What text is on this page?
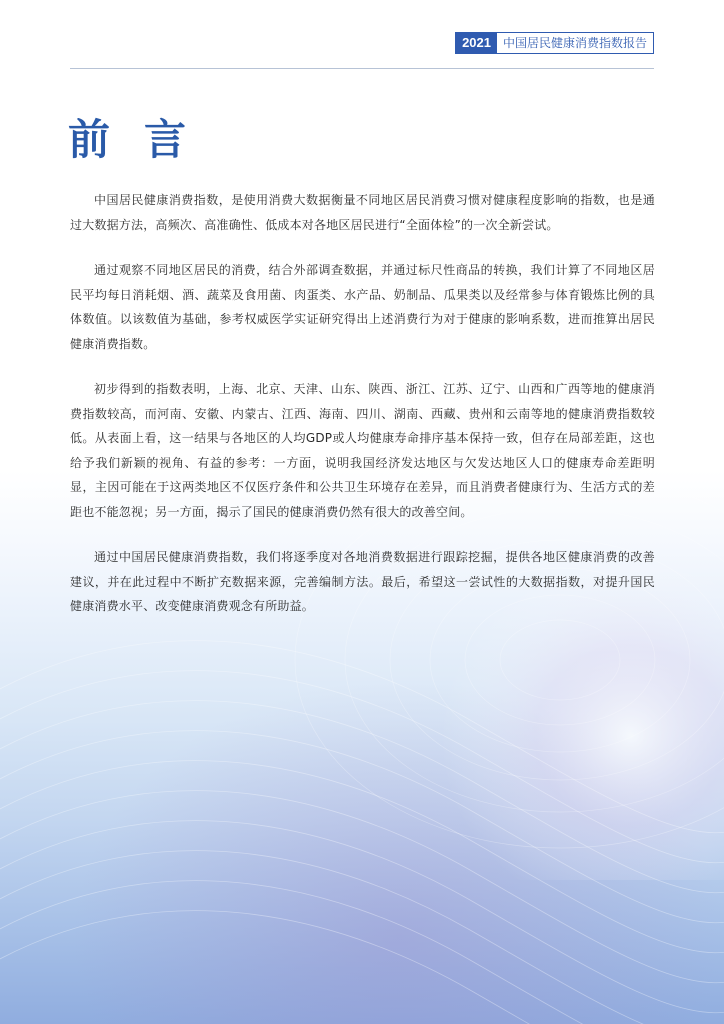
2021	中国居民健康消费指数报告
前言

中国居民健康消费指数，是使用消费大数据衡量不同地区居民消费习惯对健康程度影响的指数，也是通过大数据方法，高频次、高准确性、低成本对各地区居民进行“全面体检”的一次全新尝试。

通过观察不同地区居民的消费，结合外部调查数据，并通过标尺性商品的转换，我们计算了不同地区居民平均每日消耗烟、酒、蔬菜及食用菌、肉蛋类、水产品、奶制品、瓜果类以及经常参与体育锻炼比例的具体数值。以该数值为基础，参考权威医学实证研究得出上述消费行为对于健康的影响系数，进而推算出居民健康消费指数。

初步得到的指数表明，上海、北京、天津、山东、陕西、浙江、江苏、辽宁、山西和广西等地的健康消费指数较高，而河南、安徽、内蒙古、江西、海南、四川、湖南、西藏、贵州和云南等地的健康消费指数较低。从表面上看，这一结果与各地区的人均GDP或人均健康寿命排序基本保持一致，但存在局部差距，这也给予我们新颖的视角、有益的参考：一方面，说明我国经济发达地区与欠发达地区人口的健康寿命差距明显，主因可能在于这两类地区不仅医疗条件和公共卫生环境存在差异，而且消费者健康行为、生活方式的差距也不能忽视；另一方面，揭示了国民的健康消费仍然有很大的改善空间。

通过中国居民健康消费指数，我们将逐季度对各地消费数据进行跟踪挖掘，提供各地区健康消费的改善建议，并在此过程中不断扩充数据来源，完善编制方法。最后，希望这一尝试性的大数据指数，对提升国民健康消费水平、改变健康消费观念有所助益。
